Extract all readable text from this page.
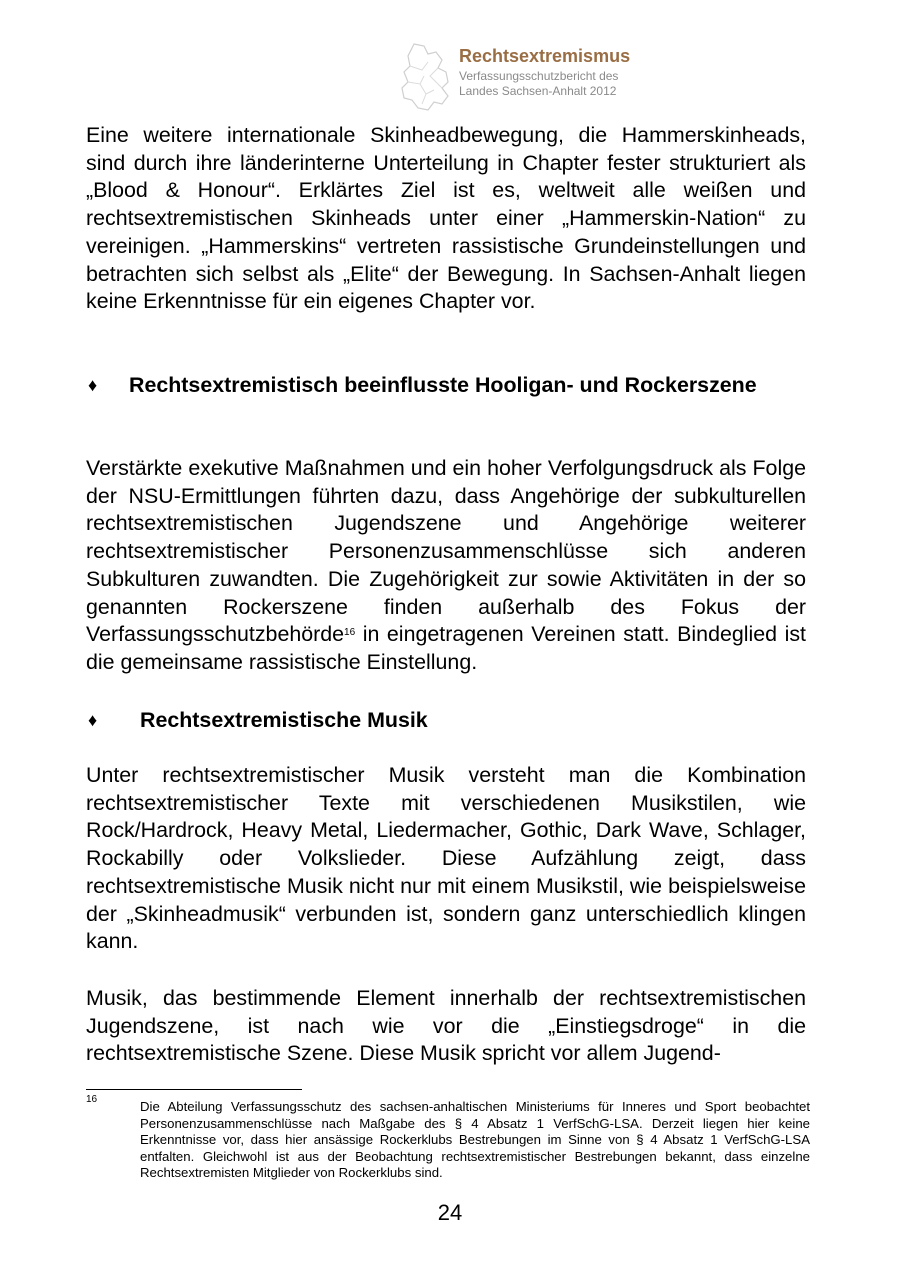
Rechtsextremismus
Verfassungsschutzbericht des
Landes Sachsen-Anhalt 2012

Eine weitere internationale Skinheadbewegung, die Hammerskinheads, sind durch ihre länderinterne Unterteilung in Chapter fester strukturiert als „Blood & Honour“. Erklärtes Ziel ist es, weltweit alle weißen und rechtsextremistischen Skinheads unter einer „Hammerskin-Nation“ zu vereinigen. „Hammerskins“ vertreten rassistische Grundeinstellungen und betrachten sich selbst als „Elite“ der Bewegung. In Sachsen-Anhalt liegen keine Erkenntnisse für ein eigenes Chapter vor.

♦ Rechtsextremistisch beeinflusste Hooligan- und Rockerszene

Verstärkte exekutive Maßnahmen und ein hoher Verfolgungsdruck als Folge der NSU-Ermittlungen führten dazu, dass Angehörige der subkulturellen rechtsextremistischen Jugendszene und Angehörige weiterer rechtsextremistischer Personenzusammenschlüsse sich anderen Subkulturen zuwandten. Die Zugehörigkeit zur sowie Aktivitäten in der so genannten Rockerszene finden außerhalb des Fokus der Verfassungsschutzbehörde$^{16}$ in eingetragenen Vereinen statt. Bindeglied ist die gemeinsame rassistische Einstellung.

♦ Rechtsextremistische Musik

Unter rechtsextremistischer Musik versteht man die Kombination rechtsextremistischer Texte mit verschiedenen Musikstilen, wie Rock/Hardrock, Heavy Metal, Liedermacher, Gothic, Dark Wave, Schlager, Rockabilly oder Volkslieder. Diese Aufzählung zeigt, dass rechtsextremistische Musik nicht nur mit einem Musikstil, wie beispielsweise der „Skinheadmusik“ verbunden ist, sondern ganz unterschiedlich klingen kann.

Musik, das bestimmende Element innerhalb der rechtsextremistischen Jugendszene, ist nach wie vor die „Einstiegsdroge“ in die rechtsextremistische Szene. Diese Musik spricht vor allem Jugend-

16	Die Abteilung Verfassungsschutz des sachsen-anhaltischen Ministeriums für Inneres und Sport beobachtet Personenzusammenschlüsse nach Maßgabe des § 4 Absatz 1 VerfSchG-LSA. Derzeit liegen hier keine Erkenntnisse vor, dass hier ansässige Rockerklubs Bestrebungen im Sinne von § 4 Absatz 1 VerfSchG-LSA entfalten. Gleichwohl ist aus der Beobachtung rechtsextremistischer Bestrebungen bekannt, dass einzelne Rechtsextremisten Mitglieder von Rockerklubs sind.

24
